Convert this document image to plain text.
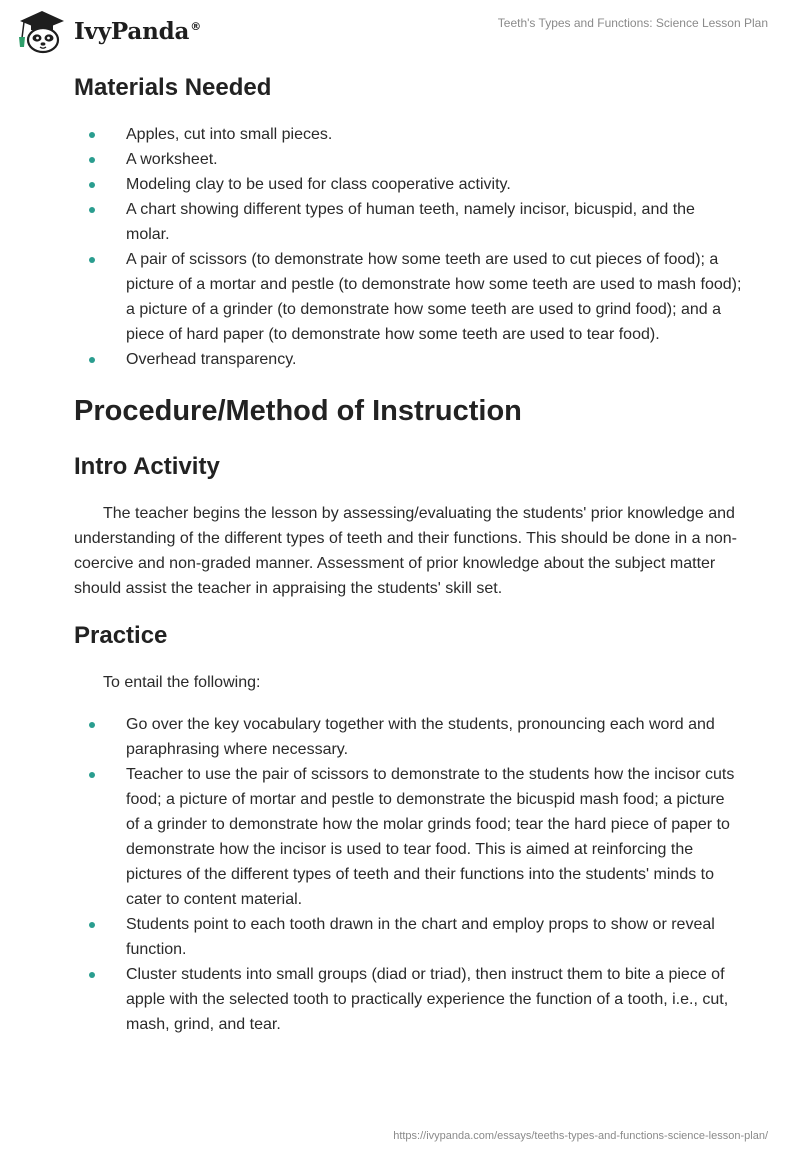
IvyPanda®	Teeth's Types and Functions: Science Lesson Plan
Materials Needed
Apples, cut into small pieces.
A worksheet.
Modeling clay to be used for class cooperative activity.
A chart showing different types of human teeth, namely incisor, bicuspid, and the molar.
A pair of scissors (to demonstrate how some teeth are used to cut pieces of food); a picture of a mortar and pestle (to demonstrate how some teeth are used to mash food); a picture of a grinder (to demonstrate how some teeth are used to grind food); and a piece of hard paper (to demonstrate how some teeth are used to tear food).
Overhead transparency.
Procedure/Method of Instruction
Intro Activity

The teacher begins the lesson by assessing/evaluating the students' prior knowledge and understanding of the different types of teeth and their functions. This should be done in a non-coercive and non-graded manner. Assessment of prior knowledge about the subject matter should assist the teacher in appraising the students' skill set.

Practice

To entail the following:

Go over the key vocabulary together with the students, pronouncing each word and paraphrasing where necessary.
Teacher to use the pair of scissors to demonstrate to the students how the incisor cuts food; a picture of mortar and pestle to demonstrate the bicuspid mash food; a picture of a grinder to demonstrate how the molar grinds food; tear the hard piece of paper to demonstrate how the incisor is used to tear food. This is aimed at reinforcing the pictures of the different types of teeth and their functions into the students' minds to cater to content material.
Students point to each tooth drawn in the chart and employ props to show or reveal function.
Cluster students into small groups (diad or triad), then instruct them to bite a piece of apple with the selected tooth to practically experience the function of a tooth, i.e., cut, mash, grind, and tear.
https://ivypanda.com/essays/teeths-types-and-functions-science-lesson-plan/
